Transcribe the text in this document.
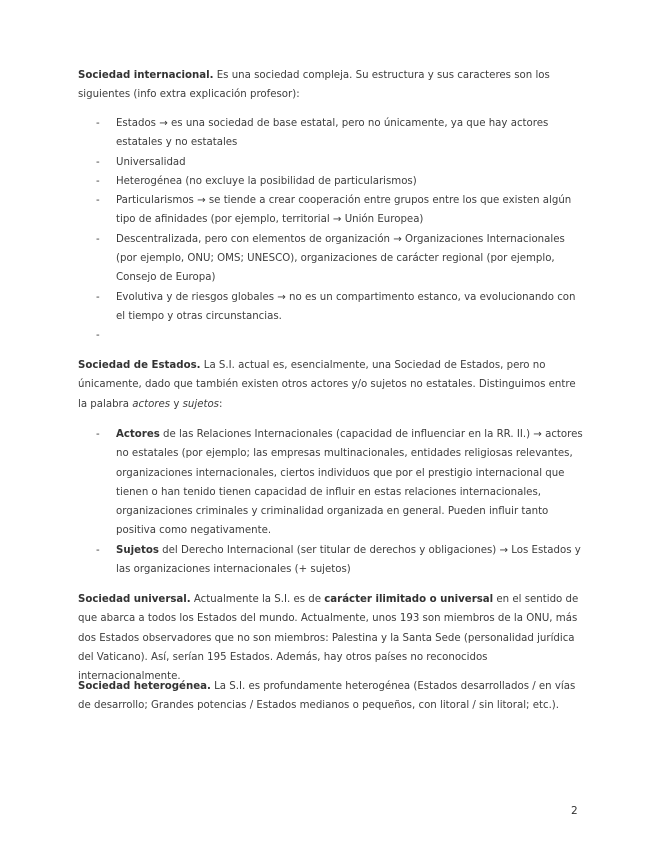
Sociedad internacional. Es una sociedad compleja. Su estructura y sus caracteres son los siguientes (info extra explicación profesor):
- Estados → es una sociedad de base estatal, pero no únicamente, ya que hay actores estatales y no estatales
- Universalidad
- Heterogénea (no excluye la posibilidad de particularismos)
- Particularismos → se tiende a crear cooperación entre grupos entre los que existen algún tipo de afinidades (por ejemplo, territorial → Unión Europea)
- Descentralizada, pero con elementos de organización → Organizaciones Internacionales (por ejemplo, ONU; OMS; UNESCO), organizaciones de carácter regional (por ejemplo, Consejo de Europa)
- Evolutiva y de riesgos globales → no es un compartimento estanco, va evolucionando con el tiempo y otras circunstancias.
-

Sociedad de Estados. La S.I. actual es, esencialmente, una Sociedad de Estados, pero no únicamente, dado que también existen otros actores y/o sujetos no estatales. Distinguimos entre la palabra actores y sujetos:
- Actores de las Relaciones Internacionales (capacidad de influenciar en la RR. II.) → actores no estatales (por ejemplo; las empresas multinacionales, entidades religiosas relevantes, organizaciones internacionales, ciertos individuos que por el prestigio internacional que tienen o han tenido tienen capacidad de influir en estas relaciones internacionales, organizaciones criminales y criminalidad organizada en general. Pueden influir tanto positiva como negativamente.
- Sujetos del Derecho Internacional (ser titular de derechos y obligaciones) → Los Estados y las organizaciones internacionales (+ sujetos)
Sociedad universal. Actualmente la S.I. es de carácter ilimitado o universal en el sentido de que abarca a todos los Estados del mundo. Actualmente, unos 193 son miembros de la ONU, más dos Estados observadores que no son miembros: Palestina y la Santa Sede (personalidad jurídica del Vaticano). Así, serían 195 Estados. Además, hay otros países no reconocidos internacionalmente.
Sociedad heterogénea. La S.I. es profundamente heterogénea (Estados desarrollados / en vías de desarrollo; Grandes potencias / Estados medianos o pequeños, con litoral / sin litoral; etc.).
2
